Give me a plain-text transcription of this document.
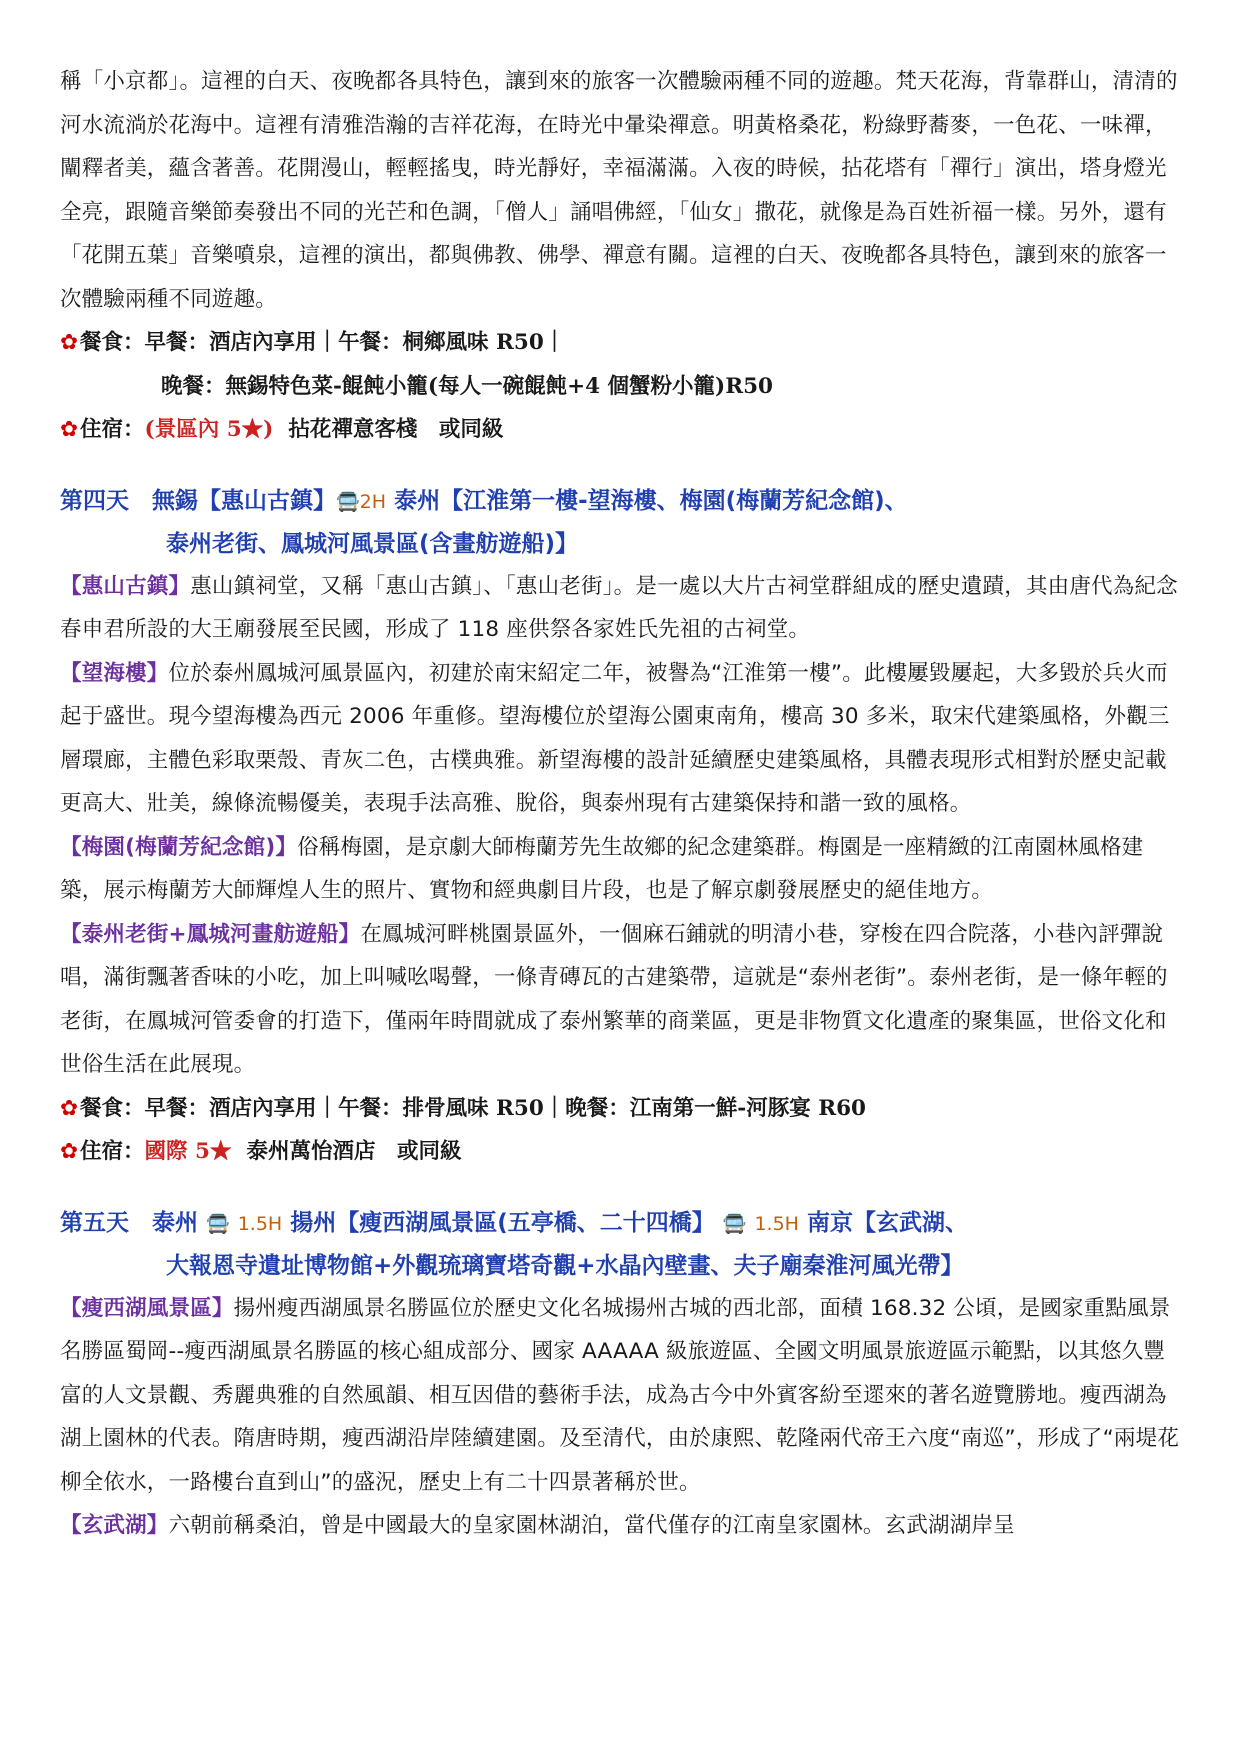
稱「小京都」。這裡的白天、夜晚都各具特色，讓到來的旅客一次體驗兩種不同的遊趣。梵天花海，背靠群山，清清的河水流淌於花海中。這裡有清雅浩瀚的吉祥花海，在時光中暈染禪意。明黃格桑花，粉綠野蕎麥，一色花、一味禪，闡釋者美，蘊含著善。花開漫山，輕輕搖曳，時光靜好，幸福滿滿。入夜的時候，拈花塔有「禪行」演出，塔身燈光全亮，跟隨音樂節奏發出不同的光芒和色調，「僧人」誦唱佛經，「仙女」撒花，就像是為百姓祈福一樣。另外，還有「花開五葉」音樂噴泉，這裡的演出，都與佛教、佛學、禪意有關。這裡的白天、夜晚都各具特色，讓到來的旅客一次體驗兩種不同遊趣。

✿餐食：早餐：酒店內享用｜午餐：桐鄉風味 R50｜

晚餐：無錫特色菜-餛飩小籠(每人一碗餛飩+4 個蟹粉小籠)R50

✿住宿：(景區內 5★) 拈花禪意客棧　或同級

第四天　無錫【惠山古鎮】🚍2H 泰州【江淮第一樓-望海樓、梅園(梅蘭芳紀念館)、

泰州老街、鳳城河風景區(含畫舫遊船)】

【惠山古鎮】惠山鎮祠堂，又稱「惠山古鎮」、「惠山老街」。是一處以大片古祠堂群組成的歷史遺蹟，其由唐代為紀念春申君所設的大王廟發展至民國，形成了 118 座供祭各家姓氏先祖的古祠堂。

【望海樓】位於泰州鳳城河風景區內，初建於南宋紹定二年，被譽為“江淮第一樓”。此樓屢毀屢起，大多毀於兵火而起于盛世。現今望海樓為西元 2006 年重修。望海樓位於望海公園東南角，樓高 30 多米，取宋代建築風格，外觀三層環廊，主體色彩取栗殼、青灰二色，古樸典雅。新望海樓的設計延續歷史建築風格，具體表現形式相對於歷史記載更高大、壯美，線條流暢優美，表現手法高雅、脫俗，與泰州現有古建築保持和諧一致的風格。

【梅園(梅蘭芳紀念館)】俗稱梅園，是京劇大師梅蘭芳先生故鄉的紀念建築群。梅園是一座精緻的江南園林風格建築，展示梅蘭芳大師輝煌人生的照片、實物和經典劇目片段，也是了解京劇發展歷史的絕佳地方。

【泰州老街+鳳城河畫舫遊船】在鳳城河畔桃園景區外，一個麻石鋪就的明清小巷，穿梭在四合院落，小巷內評彈說唱，滿街飄著香味的小吃，加上叫喊吆喝聲，一條青磚瓦的古建築帶，這就是“泰州老街”。泰州老街，是一條年輕的老街，在鳳城河管委會的打造下，僅兩年時間就成了泰州繁華的商業區，更是非物質文化遺產的聚集區，世俗文化和世俗生活在此展現。

✿餐食：早餐：酒店內享用｜午餐：排骨風味 R50｜晚餐：江南第一鮮-河豚宴 R60

✿住宿：國際 5★ 泰州萬怡酒店　或同級

第五天　泰州 🚍 1.5H 揚州【瘦西湖風景區(五亭橋、二十四橋】 🚍 1.5H 南京【玄武湖、

大報恩寺遺址博物館+外觀琉璃寶塔奇觀+水晶內壁畫、夫子廟秦淮河風光帶】

【瘦西湖風景區】揚州瘦西湖風景名勝區位於歷史文化名城揚州古城的西北部，面積 168.32 公頃，是國家重點風景名勝區蜀岡--瘦西湖風景名勝區的核心組成部分、國家 AAAAA 級旅遊區、全國文明風景旅遊區示範點，以其悠久豐富的人文景觀、秀麗典雅的自然風韻、相互因借的藝術手法，成為古今中外賓客紛至遝來的著名遊覽勝地。瘦西湖為湖上園林的代表。隋唐時期，瘦西湖沿岸陸續建園。及至清代，由於康熙、乾隆兩代帝王六度“南巡”，形成了“兩堤花柳全依水，一路樓台直到山”的盛況，歷史上有二十四景著稱於世。

【玄武湖】六朝前稱桑泊，曾是中國最大的皇家園林湖泊，當代僅存的江南皇家園林。玄武湖湖岸呈
